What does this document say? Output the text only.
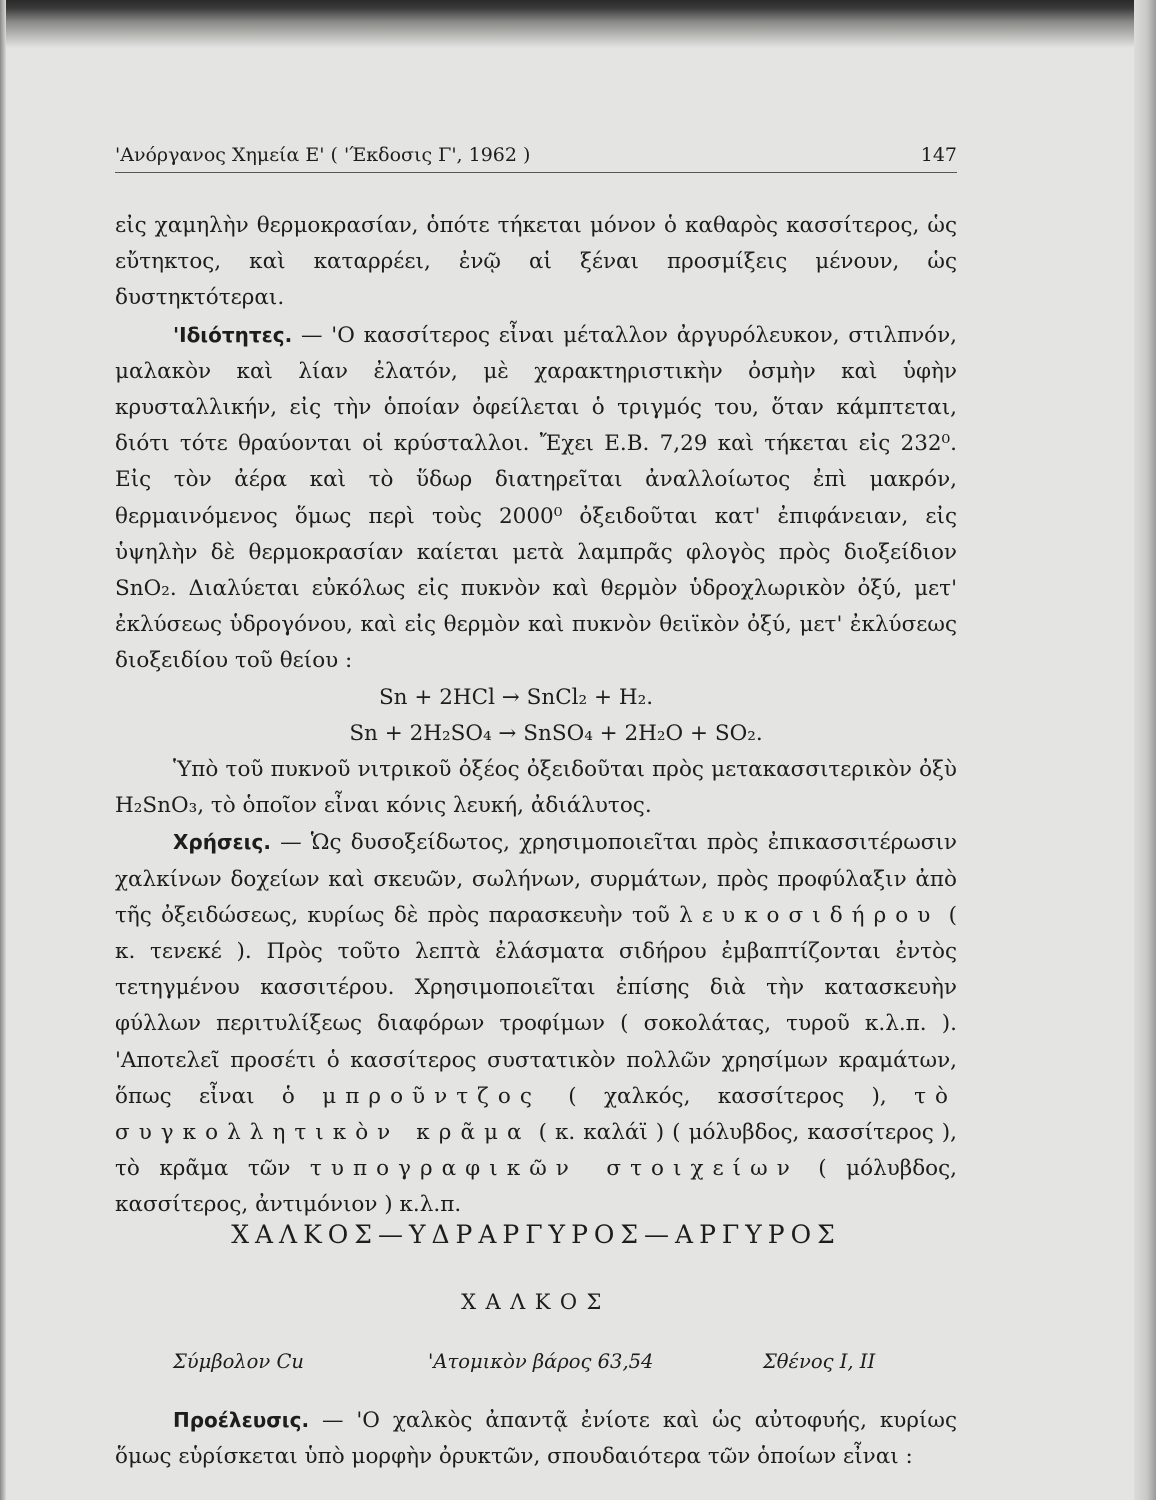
'Ανόργανος Χημεία Ε' ( 'Έκδοσις Γ', 1962 )	147

εἰς χαμηλὴν θερμοκρασίαν, ὁπότε τήκεται μόνον ὁ καθαρὸς κασσίτερος, ὡς εὔτηκτος, καὶ καταρρέει, ἐνῷ αἱ ξέναι προσμίξεις μένουν, ὡς δυστηκτότεραι.

'Ιδιότητες. — 'Ο κασσίτερος εἶναι μέταλλον ἀργυρόλευκον, στιλπνόν, μαλακὸν καὶ λίαν ἐλατόν, μὲ χαρακτηριστικὴν ὀσμὴν καὶ ὑφὴν κρυσταλλικήν, εἰς τὴν ὁποίαν ὀφείλεται ὁ τριγμός του, ὅταν κάμπτεται, διότι τότε θραύονται οἱ κρύσταλλοι. Ἔχει Ε.Β. 7,29 καὶ τήκεται εἰς 232⁰. Εἰς τὸν ἀέρα καὶ τὸ ὕδωρ διατηρεῖται ἀναλλοίωτος ἐπὶ μακρόν, θερμαινόμενος ὅμως περὶ τοὺς 2000⁰ ὀξειδοῦται κατ' ἐπιφάνειαν, εἰς ὑψηλὴν δὲ θερμοκρασίαν καίεται μετὰ λαμπρᾶς φλογὸς πρὸς διοξείδιον SnO₂. Διαλύεται εὐκόλως εἰς πυκνὸν καὶ θερμὸν ὑδροχλωρικὸν ὀξύ, μετ' ἐκλύσεως ὑδρογόνου, καὶ εἰς θερμὸν καὶ πυκνὸν θειϊκὸν ὀξύ, μετ' ἐκλύσεως διοξειδίου τοῦ θείου :

Sn + 2HCl → SnCl₂ + H₂.

Sn + 2H₂SO₄ → SnSO₄ + 2H₂O + SO₂.

Ὑπὸ τοῦ πυκνοῦ νιτρικοῦ ὀξέος ὀξειδοῦται πρὸς μετακασσιτερικὸν ὀξὺ H₂SnO₃, τὸ ὁποῖον εἶναι κόνις λευκή, ἀδιάλυτος.

Χρήσεις. — Ὡς δυσοξείδωτος, χρησιμοποιεῖται πρὸς ἐπικασσιτέρωσιν χαλκίνων δοχείων καὶ σκευῶν, σωλήνων, συρμάτων, πρὸς προφύλαξιν ἀπὸ τῆς ὀξειδώσεως, κυρίως δὲ πρὸς παρασκευὴν τοῦ λευκοσιδήρου ( κ. τενεκέ ). Πρὸς τοῦτο λεπτὰ ἐλάσματα σιδήρου ἐμβαπτίζονται ἐντὸς τετηγμένου κασσιτέρου. Χρησιμοποιεῖται ἐπίσης διὰ τὴν κατασκευὴν φύλλων περιτυλίξεως διαφόρων τροφίμων ( σοκολάτας, τυροῦ κ.λ.π. ). 'Αποτελεῖ προσέτι ὁ κασσίτερος συστατικὸν πολλῶν χρησίμων κραμάτων, ὅπως εἶναι ὁ μπροῦντζος ( χαλκός, κασσίτερος ), τὸ συγκολλητικὸν κρᾶμα ( κ. καλάϊ ) ( μόλυβδος, κασσίτερος ), τὸ κρᾶμα τῶν τυπογραφικῶν στοιχείων ( μόλυβδος, κασσίτερος, ἀντιμόνιον ) κ.λ.π.

ΧΑΛΚΟΣ—ΥΔΡΑΡΓΥΡΟΣ—ΑΡΓΥΡΟΣ
ΧΑΛΚΟΣ
Σύμβολον Cu	'Ατομικὸν βάρος 63,54	Σθένος I, II

Προέλευσις. — 'Ο χαλκὸς ἀπαντᾷ ἐνίοτε καὶ ὡς αὐτοφυής, κυρίως ὅμως εὑρίσκεται ὑπὸ μορφὴν ὀρυκτῶν, σπουδαιότερα τῶν ὁποίων εἶναι :
